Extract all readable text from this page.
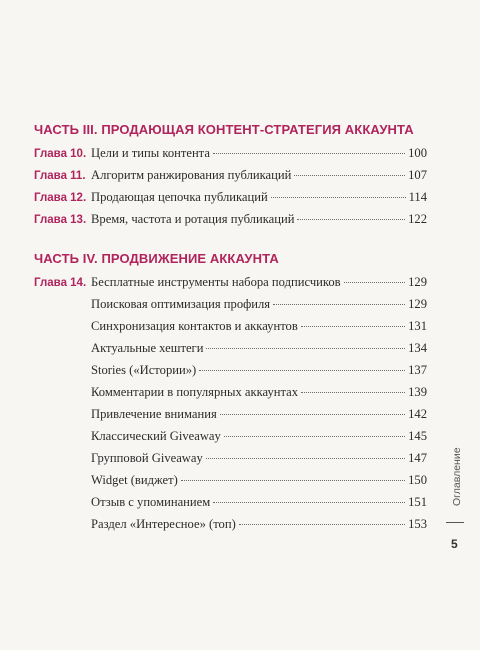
ЧАСТЬ III. ПРОДАЮЩАЯ КОНТЕНТ-СТРАТЕГИЯ АККАУНТА
Глава 10. Цели и типы контента	100
Глава 11. Алгоритм ранжирования публикаций	107
Глава 12. Продающая цепочка публикаций	114
Глава 13. Время, частота и ротация публикаций	122
ЧАСТЬ IV. ПРОДВИЖЕНИЕ АККАУНТА
Глава 14. Бесплатные инструменты набора подписчиков	129
Поисковая оптимизация профиля	129
Синхронизация контактов и аккаунтов	131
Актуальные хештеги	134
Stories («Истории»)	137
Комментарии в популярных аккаунтах	139
Привлечение внимания	142
Классический Giveaway	145
Групповой Giveaway	147
Widget (виджет)	150
Отзыв с упоминанием	151
Раздел «Интересное» (топ)	153
Оглавление
5
